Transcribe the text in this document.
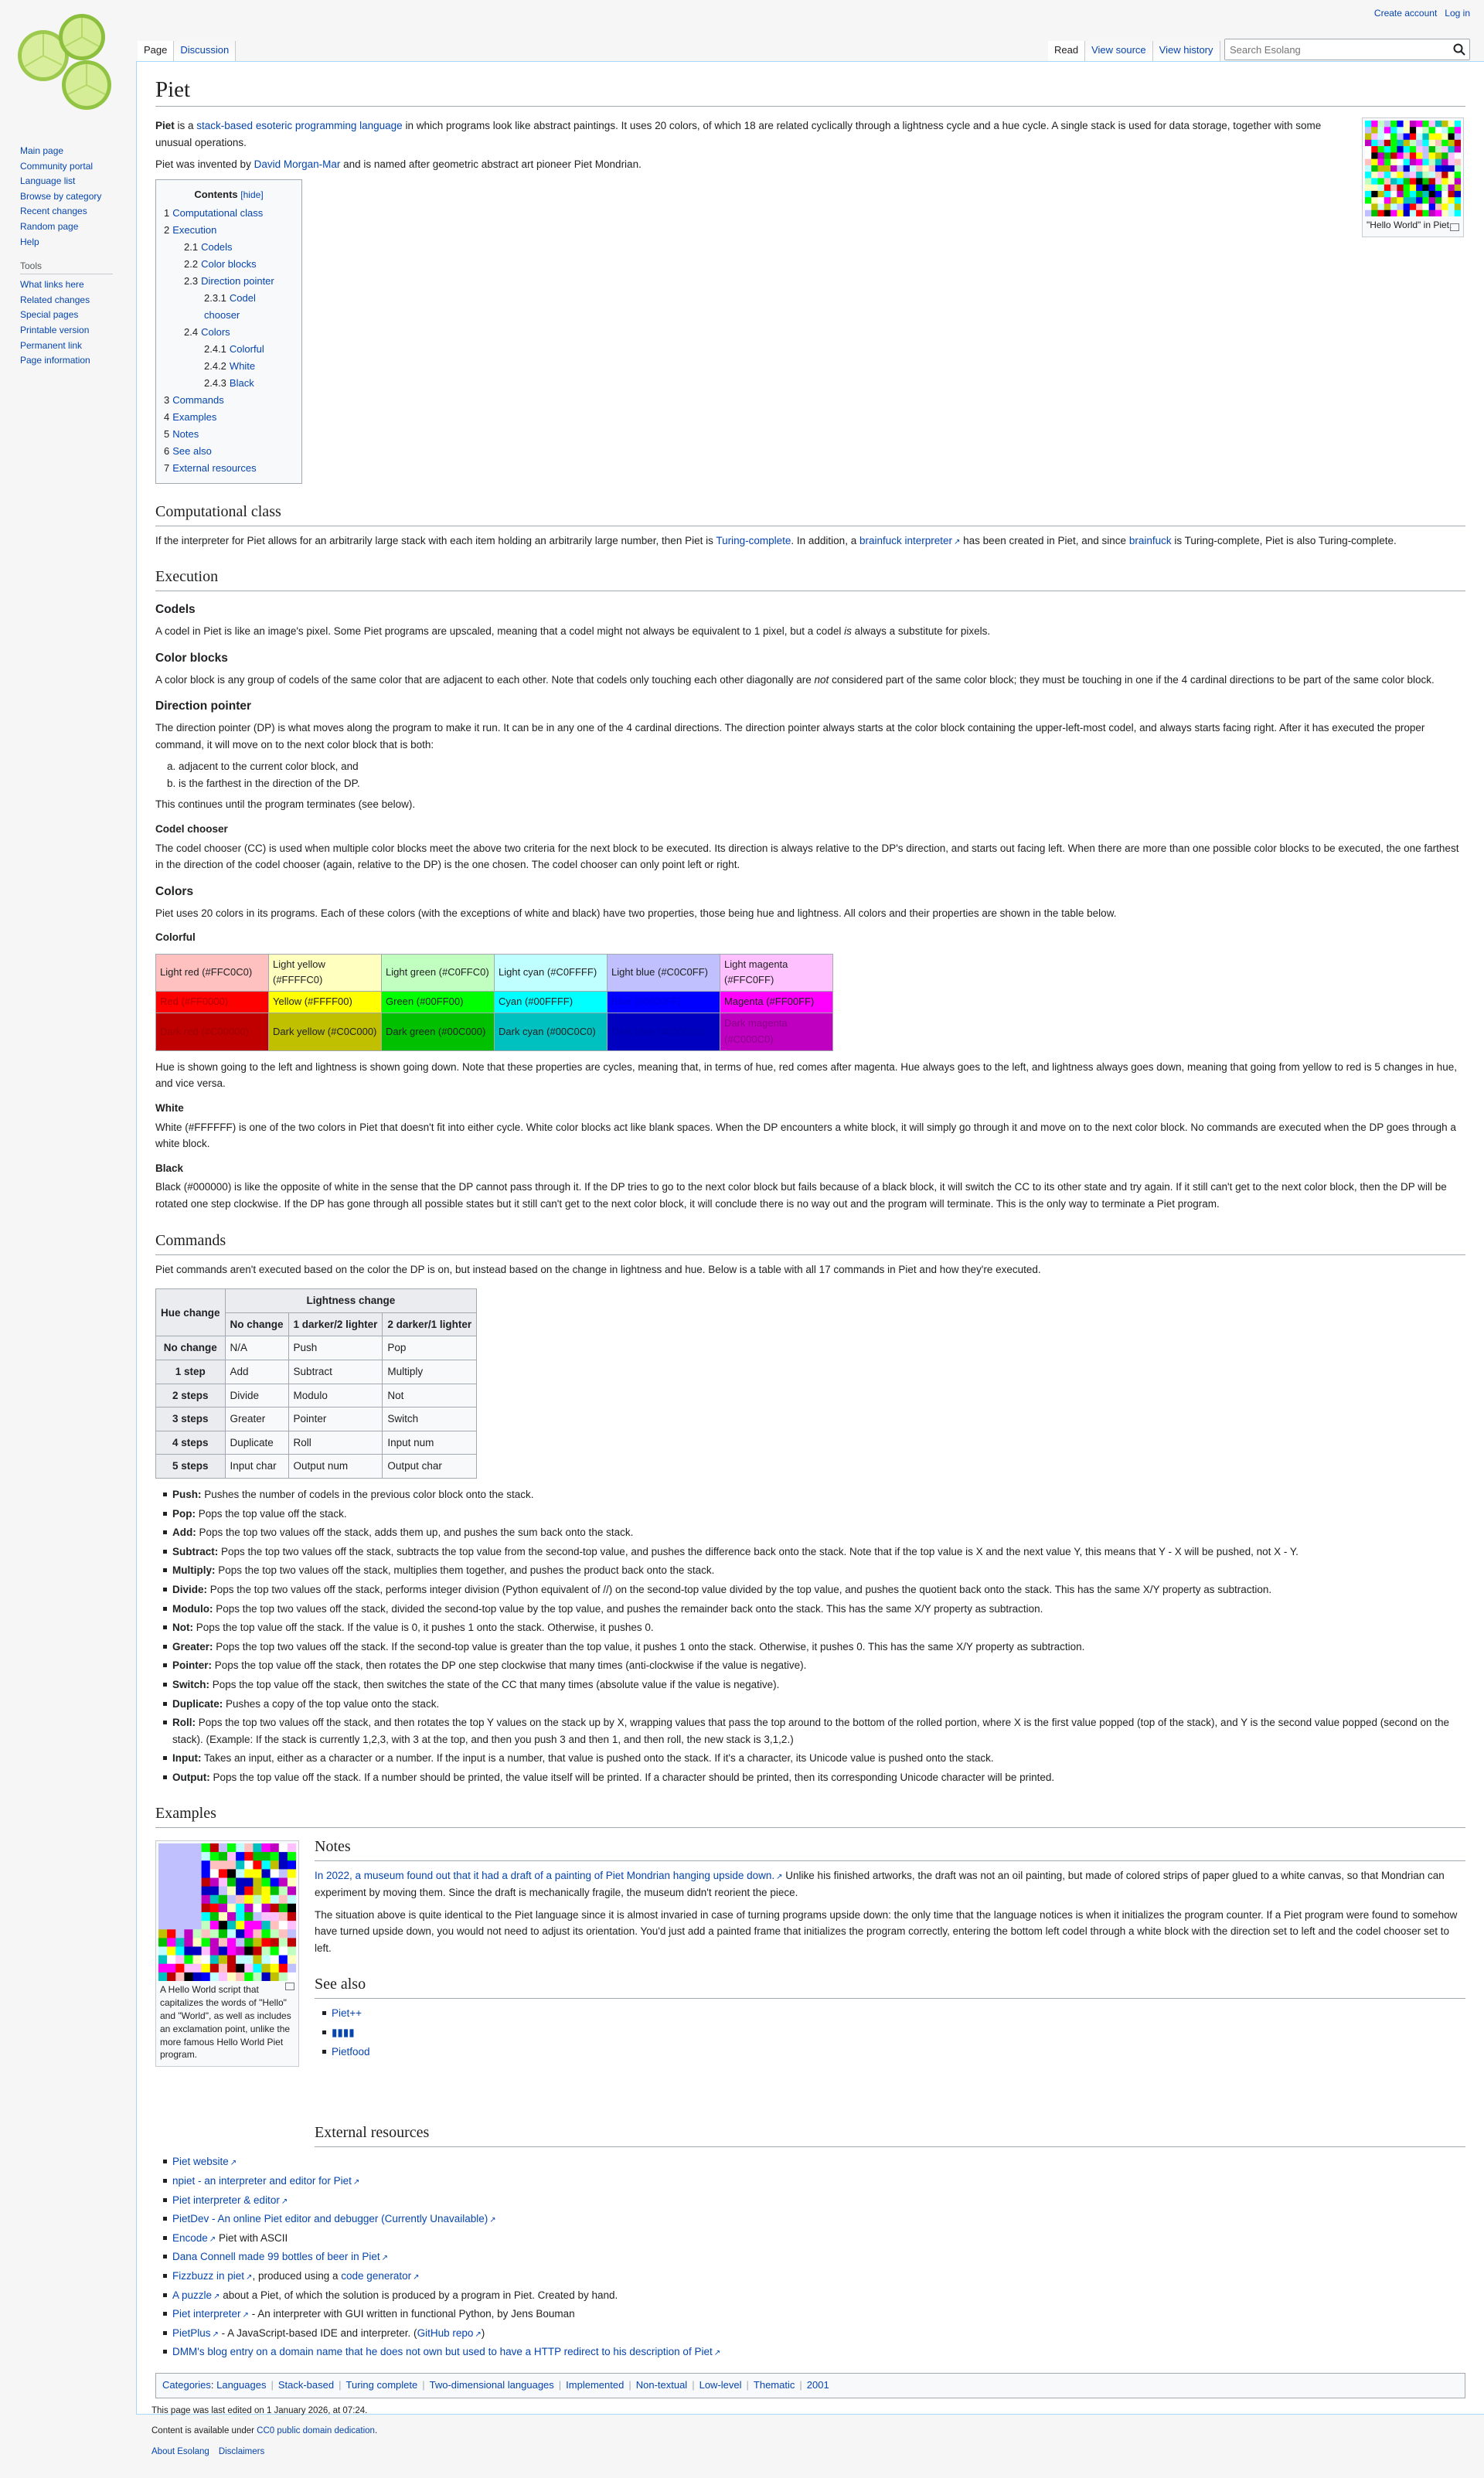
Create account Log in
Page	Discussion	Read	View source	View history
Search Esolang
Main page
Community portal
Language list
Browse by category
Recent changes
Random page
Help
Tools
What links here
Related changes
Special pages
Printable version
Permanent link
Page information
Piet
"Hello World" in Piet.

Piet is a stack-based esoteric programming language in which programs look like abstract paintings. It uses 20 colors, of which 18 are related cyclically through a lightness cycle and a hue cycle. A single stack is used for data storage, together with some unusual operations.

Piet was invented by David Morgan-Mar and is named after geometric abstract art pioneer Piet Mondrian.

Contents [hide]
1 Computational class
2 Execution
2.1 Codels
2.2 Color blocks
2.3 Direction pointer
2.3.1 Codel chooser
2.4 Colors
2.4.1 Colorful
2.4.2 White
2.4.3 Black
3 Commands
4 Examples
5 Notes
6 See also
7 External resources
Computational class

If the interpreter for Piet allows for an arbitrarily large stack with each item holding an arbitrarily large number, then Piet is Turing-complete. In addition, a brainfuck interpreter ↗ has been created in Piet, and since brainfuck is Turing-complete, Piet is also Turing-complete.

Execution
Codels

A codel in Piet is like an image's pixel. Some Piet programs are upscaled, meaning that a codel might not always be equivalent to 1 pixel, but a codel is always a substitute for pixels.

Color blocks

A color block is any group of codels of the same color that are adjacent to each other. Note that codels only touching each other diagonally are not considered part of the same color block; they must be touching in one if the 4 cardinal directions to be part of the same color block.

Direction pointer

The direction pointer (DP) is what moves along the program to make it run. It can be in any one of the 4 cardinal directions. The direction pointer always starts at the color block containing the upper-left-most codel, and always starts facing right. After it has executed the proper command, it will move on to the next color block that is both:

a. adjacent to the current color block, and
b. is the farthest in the direction of the DP.

This continues until the program terminates (see below).

Codel chooser

The codel chooser (CC) is used when multiple color blocks meet the above two criteria for the next block to be executed. Its direction is always relative to the DP's direction, and starts out facing left. When there are more than one possible color blocks to be executed, the one farthest in the direction of the codel chooser (again, relative to the DP) is the one chosen. The codel chooser can only point left or right.

Colors

Piet uses 20 colors in its programs. Each of these colors (with the exceptions of white and black) have two properties, those being hue and lightness. All colors and their properties are shown in the table below.

Colorful
Light red (#FFC0C0)	Light yellow (#FFFFC0)	Light green (#C0FFC0)	Light cyan (#C0FFFF)	Light blue (#C0C0FF)	Light magenta (#FFC0FF)
Red (#FF0000)	Yellow (#FFFF00)	Green (#00FF00)	Cyan (#00FFFF)	Blue (#0000FF)	Magenta (#FF00FF)
Dark red (#C00000)	Dark yellow (#C0C000)	Dark green (#00C000)	Dark cyan (#00C0C0)	Dark blue (#0000C0)	Dark magenta (#C000C0)

Hue is shown going to the left and lightness is shown going down. Note that these properties are cycles, meaning that, in terms of hue, red comes after magenta. Hue always goes to the left, and lightness always goes down, meaning that going from yellow to red is 5 changes in hue, and vice versa.

White

White (#FFFFFF) is one of the two colors in Piet that doesn't fit into either cycle. White color blocks act like blank spaces. When the DP encounters a white block, it will simply go through it and move on to the next color block. No commands are executed when the DP goes through a white block.

Black

Black (#000000) is like the opposite of white in the sense that the DP cannot pass through it. If the DP tries to go to the next color block but fails because of a black block, it will switch the CC to its other state and try again. If it still can't get to the next color block, then the DP will be rotated one step clockwise. If the DP has gone through all possible states but it still can't get to the next color block, it will conclude there is no way out and the program will terminate. This is the only way to terminate a Piet program.

Commands

Piet commands aren't executed based on the color the DP is on, but instead based on the change in lightness and hue. Below is a table with all 17 commands in Piet and how they're executed.

Hue change	Lightness change		
	No change	1 darker/2 lighter	2 darker/1 lighter
No change	N/A	Push	Pop
1 step	Add	Subtract	Multiply
2 steps	Divide	Modulo	Not
3 steps	Greater	Pointer	Switch
4 steps	Duplicate	Roll	Input num
5 steps	Input char	Output num	Output char
Push: Pushes the number of codels in the previous color block onto the stack.
Pop: Pops the top value off the stack.
Add: Pops the top two values off the stack, adds them up, and pushes the sum back onto the stack.
Subtract: Pops the top two values off the stack, subtracts the top value from the second-top value, and pushes the difference back onto the stack. Note that if the top value is X and the next value Y, this means that Y - X will be pushed, not X - Y.
Multiply: Pops the top two values off the stack, multiplies them together, and pushes the product back onto the stack.
Divide: Pops the top two values off the stack, performs integer division (Python equivalent of //) on the second-top value divided by the top value, and pushes the quotient back onto the stack. This has the same X/Y property as subtraction.
Modulo: Pops the top two values off the stack, divided the second-top value by the top value, and pushes the remainder back onto the stack. This has the same X/Y property as subtraction.
Not: Pops the top value off the stack. If the value is 0, it pushes 1 onto the stack. Otherwise, it pushes 0.
Greater: Pops the top two values off the stack. If the second-top value is greater than the top value, it pushes 1 onto the stack. Otherwise, it pushes 0. This has the same X/Y property as subtraction.
Pointer: Pops the top value off the stack, then rotates the DP one step clockwise that many times (anti-clockwise if the value is negative).
Switch: Pops the top value off the stack, then switches the state of the CC that many times (absolute value if the value is negative).
Duplicate: Pushes a copy of the top value onto the stack.
Roll: Pops the top two values off the stack, and then rotates the top Y values on the stack up by X, wrapping values that pass the top around to the bottom of the rolled portion, where X is the first value popped (top of the stack), and Y is the second value popped (second on the stack). (Example: If the stack is currently 1,2,3, with 3 at the top, and then you push 3 and then 1, and then roll, the new stack is 3,1,2.)
Input: Takes an input, either as a character or a number. If the input is a number, that value is pushed onto the stack. If it's a character, its Unicode value is pushed onto the stack.
Output: Pops the top value off the stack. If a number should be printed, the value itself will be printed. If a character should be printed, then its corresponding Unicode character will be printed.
Examples
A Hello World script that capitalizes the words of "Hello" and "World", as well as includes an exclamation point, unlike the more famous Hello World Piet program.
Notes

In 2022, a museum found out that it had a draft of a painting of Piet Mondrian hanging upside down. ↗ Unlike his finished artworks, the draft was not an oil painting, but made of colored strips of paper glued to a white canvas, so that Mondrian can experiment by moving them. Since the draft is mechanically fragile, the museum didn't reorient the piece.

The situation above is quite identical to the Piet language since it is almost invaried in case of turning programs upside down: the only time that the language notices is when it initializes the program counter. If a Piet program were found to somehow have turned upside down, you would not need to adjust its orientation. You'd just add a painted frame that initializes the program correctly, entering the bottom left codel through a white block with the direction set to left and the codel chooser set to left.

See also
Piet++
▮▮▮▮
Pietfood
External resources
Piet website ↗
npiet - an interpreter and editor for Piet ↗
Piet interpreter & editor ↗
PietDev - An online Piet editor and debugger (Currently Unavailable) ↗
Encode ↗ Piet with ASCII
Dana Connell made 99 bottles of beer in Piet ↗
Fizzbuzz in piet ↗ , produced using a code generator ↗
A puzzle ↗ about a Piet, of which the solution is produced by a program in Piet. Created by hand.
Piet interpreter ↗ - An interpreter with GUI written in functional Python, by Jens Bouman
PietPlus ↗ - A JavaScript-based IDE and interpreter. (GitHub repo ↗ )
DMM's blog entry on a domain name that he does not own but used to have a HTTP redirect to his description of Piet ↗
Categories: Languages | Stack-based | Turing complete | Two-dimensional languages | Implemented | Non-textual | Low-level | Thematic | 2001

This page was last edited on 1 January 2026, at 07:24.

Content is available under CC0 public domain dedication.

About Esolang Disclaimers
